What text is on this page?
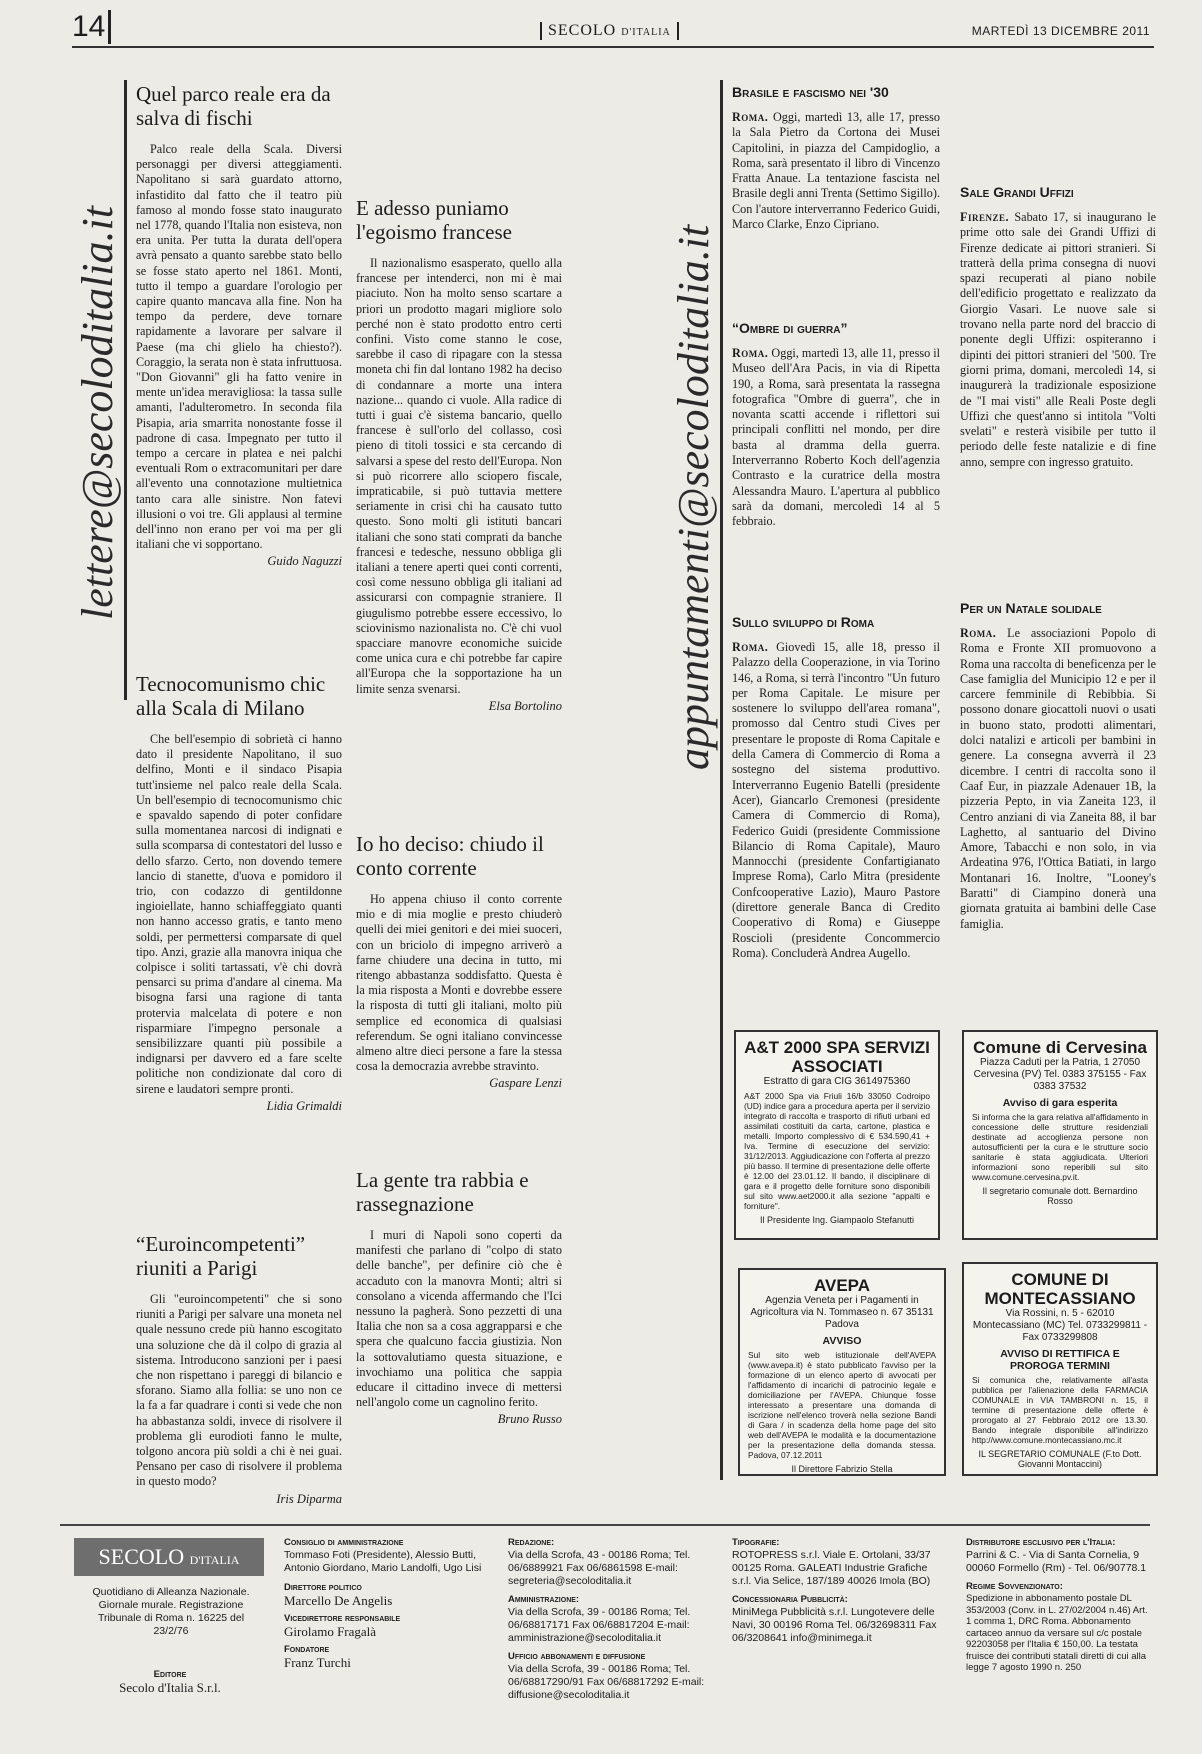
14	SECOLO D'ITALIA	MARTEDÌ 13 DICEMBRE 2011
lettere@secoloditalia.it	appuntamenti@secoloditalia.it
Quel parco reale era da salva di fischi

Palco reale della Scala. Diversi personaggi per diversi atteggiamenti. Napolitano si sarà guardato attorno, infastidito dal fatto che il teatro più famoso al mondo fosse stato inaugurato nel 1778, quando l'Italia non esisteva, non era unita. Per tutta la durata dell'opera avrà pensato a quanto sarebbe stato bello se fosse stato aperto nel 1861. Monti, tutto il tempo a guardare l'orologio per capire quanto mancava alla fine. Non ha tempo da perdere, deve tornare rapidamente a lavorare per salvare il Paese (ma chi glielo ha chiesto?). Coraggio, la serata non è stata infruttuosa. "Don Giovanni" gli ha fatto venire in mente un'idea meravigliosa: la tassa sulle amanti, l'adulterometro. In seconda fila Pisapia, aria smarrita nonostante fosse il padrone di casa. Impegnato per tutto il tempo a cercare in platea e nei palchi eventuali Rom o extracomunitari per dare all'evento una connotazione multietnica tanto cara alle sinistre. Non fatevi illusioni o voi tre. Gli applausi al termine dell'inno non erano per voi ma per gli italiani che vi sopportano.

Guido Naguzzi
Tecnocomunismo chic alla Scala di Milano

Che bell'esempio di sobrietà ci hanno dato il presidente Napolitano, il suo delfino, Monti e il sindaco Pisapia tutt'insieme nel palco reale della Scala. Un bell'esempio di tecnocomunismo chic e spavaldo sapendo di poter confidare sulla momentanea narcosi di indignati e sulla scomparsa di contestatori del lusso e dello sfarzo. Certo, non dovendo temere lancio di stanette, d'uova e pomidoro il trio, con codazzo di gentildonne ingioiellate, hanno schiaffeggiato quanti non hanno accesso gratis, e tanto meno soldi, per permettersi comparsate di quel tipo. Anzi, grazie alla manovra iniqua che colpisce i soliti tartassati, v'è chi dovrà pensarci su prima d'andare al cinema. Ma bisogna farsi una ragione di tanta protervia malcelata di potere e non risparmiare l'impegno personale a sensibilizzare quanti più possibile a indignarsi per davvero ed a fare scelte politiche non condizionate dal coro di sirene e laudatori sempre pronti.

Lidia Grimaldi
“Euroincompetenti” riuniti a Parigi

Gli "euroincompetenti" che si sono riuniti a Parigi per salvare una moneta nel quale nessuno crede più hanno escogitato una soluzione che dà il colpo di grazia al sistema. Introducono sanzioni per i paesi che non rispettano i pareggi di bilancio e sforano. Siamo alla follia: se uno non ce la fa a far quadrare i conti si vede che non ha abbastanza soldi, invece di risolvere il problema gli eurodioti fanno le multe, tolgono ancora più soldi a chi è nei guai. Pensano per caso di risolvere il problema in questo modo?

Iris Diparma
E adesso puniamo l'egoismo francese

Il nazionalismo esasperato, quello alla francese per intenderci, non mi è mai piaciuto. Non ha molto senso scartare a priori un prodotto magari migliore solo perché non è stato prodotto entro certi confini. Visto come stanno le cose, sarebbe il caso di ripagare con la stessa moneta chi fin dal lontano 1982 ha deciso di condannare a morte una intera nazione... quando ci vuole. Alla radice di tutti i guai c'è sistema bancario, quello francese è sull'orlo del collasso, così pieno di titoli tossici e sta cercando di salvarsi a spese del resto dell'Europa. Non si può ricorrere allo sciopero fiscale, impraticabile, si può tuttavia mettere seriamente in crisi chi ha causato tutto questo. Sono molti gli istituti bancari italiani che sono stati comprati da banche francesi e tedesche, nessuno obbliga gli italiani a tenere aperti quei conti correnti, così come nessuno obbliga gli italiani ad assicurarsi con compagnie straniere. Il giugulismo potrebbe essere eccessivo, lo sciovinismo nazionalista no. C'è chi vuol spacciare manovre economiche suicide come unica cura e chi potrebbe far capire all'Europa che la sopportazione ha un limite senza svenarsi.

Elsa Bortolino
Io ho deciso: chiudo il conto corrente

Ho appena chiuso il conto corrente mio e di mia moglie e presto chiuderò quelli dei miei genitori e dei miei suoceri, con un briciolo di impegno arriverò a farne chiudere una decina in tutto, mi ritengo abbastanza soddisfatto. Questa è la mia risposta a Monti e dovrebbe essere la risposta di tutti gli italiani, molto più semplice ed economica di qualsiasi referendum. Se ogni italiano convincesse almeno altre dieci persone a fare la stessa cosa la democrazia avrebbe stravinto.

Gaspare Lenzi
La gente tra rabbia e rassegnazione

I muri di Napoli sono coperti da manifesti che parlano di "colpo di stato delle banche", per definire ciò che è accaduto con la manovra Monti; altri si consolano a vicenda affermando che l'Ici nessuno la pagherà. Sono pezzetti di una Italia che non sa a cosa aggrapparsi e che spera che qualcuno faccia giustizia. Non la sottovalutiamo questa situazione, e invochiamo una politica che sappia educare il cittadino invece di mettersi nell'angolo come un cagnolino ferito.

Bruno Russo
Brasile e fascismo nei '30
Roma. Oggi, martedì 13, alle 17, presso la Sala Pietro da Cortona dei Musei Capitolini, in piazza del Campidoglio, a Roma, sarà presentato il libro di Vincenzo Fratta Anaue. La tentazione fascista nel Brasile degli anni Trenta (Settimo Sigillo). Con l'autore interverranno Federico Guidi, Marco Clarke, Enzo Cipriano.
“Ombre di guerra”
Roma. Oggi, martedì 13, alle 11, presso il Museo dell'Ara Pacis, in via di Ripetta 190, a Roma, sarà presentata la rassegna fotografica "Ombre di guerra", che in novanta scatti accende i riflettori sui principali conflitti nel mondo, per dire basta al dramma della guerra. Interverranno Roberto Koch dell'agenzia Contrasto e la curatrice della mostra Alessandra Mauro. L'apertura al pubblico sarà da domani, mercoledì 14 al 5 febbraio.
Sullo sviluppo di Roma
Roma. Giovedì 15, alle 18, presso il Palazzo della Cooperazione, in via Torino 146, a Roma, si terrà l'incontro "Un futuro per Roma Capitale. Le misure per sostenere lo sviluppo dell'area romana", promosso dal Centro studi Cives per presentare le proposte di Roma Capitale e della Camera di Commercio di Roma a sostegno del sistema produttivo. Interverranno Eugenio Batelli (presidente Acer), Giancarlo Cremonesi (presidente Camera di Commercio di Roma), Federico Guidi (presidente Commissione Bilancio di Roma Capitale), Mauro Mannocchi (presidente Confartigianato Imprese Roma), Carlo Mitra (presidente Confcooperative Lazio), Mauro Pastore (direttore generale Banca di Credito Cooperativo di Roma) e Giuseppe Roscioli (presidente Concommercio Roma). Concluderà Andrea Augello.
Sale Grandi Uffizi
Firenze. Sabato 17, si inaugurano le prime otto sale dei Grandi Uffizi di Firenze dedicate ai pittori stranieri. Si tratterà della prima consegna di nuovi spazi recuperati al piano nobile dell'edificio progettato e realizzato da Giorgio Vasari. Le nuove sale si trovano nella parte nord del braccio di ponente degli Uffizi: ospiteranno i dipinti dei pittori stranieri del '500. Tre giorni prima, domani, mercoledì 14, si inaugurerà la tradizionale esposizione de "I mai visti" alle Reali Poste degli Uffizi che quest'anno si intitola "Volti svelati" e resterà visibile per tutto il periodo delle feste natalizie e di fine anno, sempre con ingresso gratuito.
Per un Natale solidale
Roma. Le associazioni Popolo di Roma e Fronte XII promuovono a Roma una raccolta di beneficenza per le Case famiglia del Municipio 12 e per il carcere femminile di Rebibbia. Si possono donare giocattoli nuovi o usati in buono stato, prodotti alimentari, dolci natalizi e articoli per bambini in genere. La consegna avverrà il 23 dicembre. I centri di raccolta sono il Caaf Eur, in piazzale Adenauer 1B, la pizzeria Pepto, in via Zaneita 123, il Centro anziani di via Zaneita 88, il bar Laghetto, al santuario del Divino Amore, Tabacchi e non solo, in via Ardeatina 976, l'Ottica Batiati, in largo Montanari 16. Inoltre, "Looney's Baratti" di Ciampino donerà una giornata gratuita ai bambini delle Case famiglia.
A&T 2000 SPA SERVIZI ASSOCIATI
Estratto di gara CIG 3614975360
A&T 2000 Spa via Friuli 16/b 33050 Codroipo (UD) indice gara a procedura aperta per il servizio integrato di raccolta e trasporto di rifiuti urbani ed assimilati costituiti da carta, cartone, plastica e metalli. Importo complessivo di € 534.590,41 + Iva. Termine di esecuzione del servizio: 31/12/2013. Aggiudicazione con l'offerta al prezzo più basso. Il termine di presentazione delle offerte è 12.00 del 23.01.12. Il bando, il disciplinare di gara e il progetto delle forniture sono disponibili sul sito www.aet2000.it alla sezione "appalti e forniture".
Il Presidente Ing. Giampaolo Stefanutti
Comune di Cervesina
Piazza Caduti per la Patria, 1 27050 Cervesina (PV) Tel. 0383 375155 - Fax 0383 37532
Avviso di gara esperita
Si informa che la gara relativa all'affidamento in concessione delle strutture residenziali destinate ad accoglienza persone non autosufficienti per la cura e le strutture socio sanitarie è stata aggiudicata. Ulteriori informazioni sono reperibili sul sito www.comune.cervesina.pv.it.
Il segretario comunale dott. Bernardino Rosso
AVEPA
Agenzia Veneta per i Pagamenti in Agricoltura via N. Tommaseo n. 67 35131 Padova
AVVISO
Sul sito web istituzionale dell'AVEPA (www.avepa.it) è stato pubblicato l'avviso per la formazione di un elenco aperto di avvocati per l'affidamento di incarichi di patrocinio legale e domiciliazione per l'AVEPA. Chiunque fosse interessato a presentare una domanda di iscrizione nell'elenco troverà nella sezione Bandi di Gara / in scadenza della home page del sito web dell'AVEPA le modalità e la documentazione per la presentazione della domanda stessa. Padova, 07.12.2011
Il Direttore Fabrizio Stella
COMUNE DI MONTECASSIANO
Via Rossini, n. 5 - 62010 Montecassiano (MC) Tel. 0733299811 - Fax 0733299808
AVVISO DI RETTIFICA E PROROGA TERMINI
Si comunica che, relativamente all'asta pubblica per l'alienazione della FARMACIA COMUNALE in VIA TAMBRONI n. 15, il termine di presentazione delle offerte è prorogato al 27 Febbraio 2012 ore 13.30. Bando integrale disponibile all'indirizzo http://www.comune.montecassiano.mc.it
IL SEGRETARIO COMUNALE (F.to Dott. Giovanni Montaccini)
SECOLO D'ITALIA
Quotidiano di Alleanza Nazionale. Giornale murale. Registrazione Tribunale di Roma n. 16225 del 23/2/76
Editore
Secolo d'Italia S.r.l.
Consiglio di amministrazione
Tommaso Foti (Presidente), Alessio Butti, Antonio Giordano, Mario Landolfi, Ugo Lisi
Direttore politico
Marcello De Angelis
Vicedirettore responsabile
Girolamo Fragalà
Fondatore
Franz Turchi
Redazione:
Via della Scrofa, 43 - 00186 Roma; Tel. 06/6889921 Fax 06/6861598 E-mail: segreteria@secoloditalia.it
Amministrazione:
Via della Scrofa, 39 - 00186 Roma; Tel. 06/68817171 Fax 06/68817204 E-mail: amministrazione@secoloditalia.it
Ufficio abbonamenti e diffusione
Via della Scrofa, 39 - 00186 Roma; Tel. 06/68817290/91 Fax 06/68817292 E-mail: diffusione@secoloditalia.it
Tipografie:
ROTOPRESS s.r.l. Viale E. Ortolani, 33/37 00125 Roma. GALEATI Industrie Grafiche s.r.l. Via Selice, 187/189 40026 Imola (BO)
Concessionaria Pubblicità:
MiniMega Pubblicità s.r.l. Lungotevere delle Navi, 30 00196 Roma Tel. 06/32698311 Fax 06/3208641 info@minimega.it
Distributore esclusivo per l'Italia:
Parrini & C. - Via di Santa Cornelia, 9 00060 Formello (Rm) - Tel. 06/90778.1
Regime Sovvenzionato:
Spedizione in abbonamento postale DL 353/2003 (Conv. in L. 27/02/2004 n.46) Art. 1 comma 1, DRC Roma. Abbonamento cartaceo annuo da versare sul c/c postale 92203058 per l'Italia € 150,00. La testata fruisce dei contributi statali diretti di cui alla legge 7 agosto 1990 n. 250
